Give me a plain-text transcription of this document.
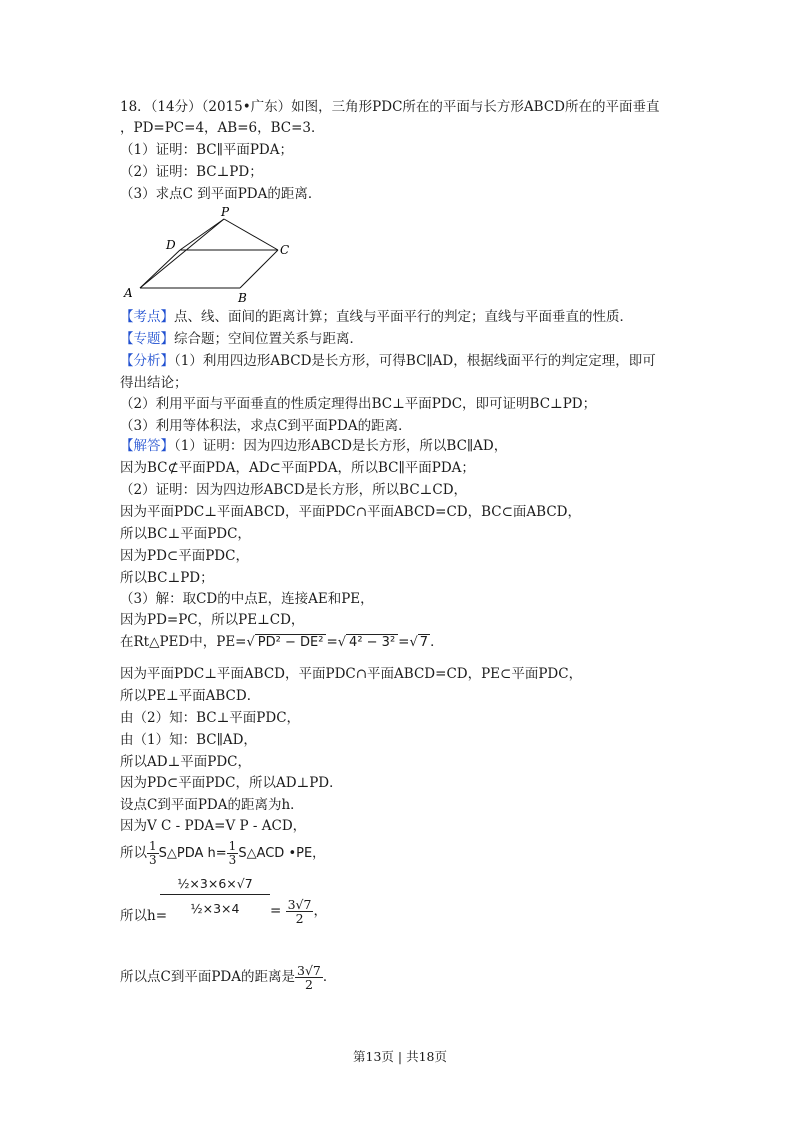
18．（14分）（2015•广东）如图，三角形PDC所在的平面与长方形ABCD所在的平面垂直
，PD=PC=4，AB=6，BC=3．
（1）证明：BC∥平面PDA；
（2）证明：BC⊥PD；
（3）求点C 到平面PDA的距离．
P
D	C
A	B
【考点】点、线、面间的距离计算；直线与平面平行的判定；直线与平面垂直的性质．
【专题】综合题；空间位置关系与距离．
【分析】（1）利用四边形ABCD是长方形，可得BC∥AD，根据线面平行的判定定理，即可
得出结论；
（2）利用平面与平面垂直的性质定理得出BC⊥平面PDC，即可证明BC⊥PD；
（3）利用等体积法，求点C到平面PDA的距离．
【解答】（1）证明：因为四边形ABCD是长方形，所以BC∥AD，
因为BC⊄平面PDA，AD⊂平面PDA，所以BC∥平面PDA；
（2）证明：因为四边形ABCD是长方形，所以BC⊥CD，
因为平面PDC⊥平面ABCD，平面PDC∩平面ABCD=CD，BC⊂面ABCD，
所以BC⊥平面PDC，
因为PD⊂平面PDC，
所以BC⊥PD；
（3）解：取CD的中点E，连接AE和PE，
因为PD=PC，所以PE⊥CD，
在Rt△PED中，PE=√ PD² − DE² =√ 4² − 3² =√ 7 ．
因为平面PDC⊥平面ABCD，平面PDC∩平面ABCD=CD，PE⊂平面PDC，
所以PE⊥平面ABCD．
由（2）知：BC⊥平面PDC，
由（1）知：BC∥AD，
所以AD⊥平面PDC，
因为PD⊂平面PDC，所以AD⊥PD．
设点C到平面PDA的距离为h．
因为V C - PDA=V P - ACD，
所以 $\frac{1}{3}$ S△PDA $h= \frac{1}{3}$ S△ACD •PE，
所以h=
$\frac{\text{½×3×6×√7}}{\text{½×3×4}} = \frac{3√7}{2}$ ，
所以点C到平面PDA的距离是 $\frac{3√7}{2}$ ．
第13页 | 共18页
